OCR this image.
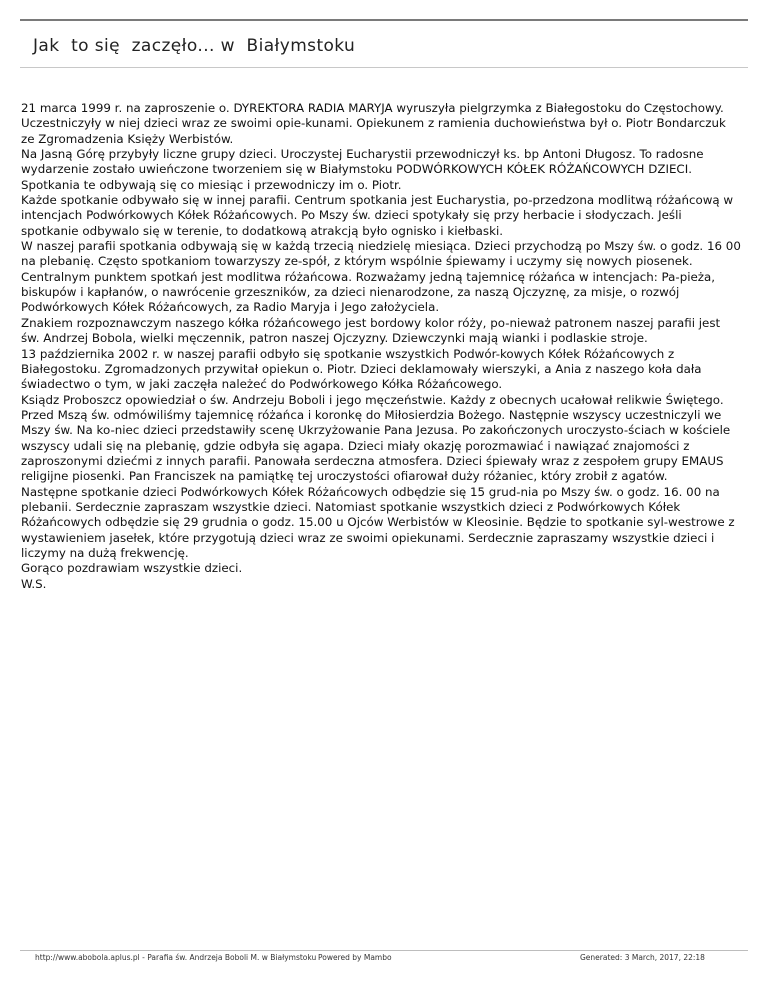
Jak  to się  zaczęło... w  Białymstoku

21 marca 1999 r. na zaproszenie o. DYREKTORA RADIA MARYJA wyruszyła pielgrzymka z Białegostoku do Częstochowy. Uczestniczyły w niej dzieci wraz ze swoimi opie-kunami. Opiekunem z ramienia duchowieństwa był o. Piotr Bondarczuk ze Zgromadzenia Księży Werbistów.

Na Jasną Górę przybyły liczne grupy dzieci. Uroczystej Eucharystii przewodniczył ks. bp Antoni Długosz. To radosne wydarzenie zostało uwieńczone tworzeniem się w Białymstoku PODWÓRKOWYCH KÓŁEK RÓŻAŃCOWYCH DZIECI. Spotkania te odbywają się co miesiąc i przewodniczy im o. Piotr.

Każde spotkanie odbywało się w innej parafii. Centrum spotkania jest Eucharystia, po-przedzona modlitwą różańcową w intencjach Podwórkowych Kółek Różańcowych. Po Mszy św. dzieci spotykały się przy herbacie i słodyczach. Jeśli spotkanie odbywalo się w terenie, to dodatkową atrakcją było ognisko i kiełbaski.

W naszej parafii spotkania odbywają się w każdą trzecią niedzielę miesiąca. Dzieci przychodzą po Mszy św. o godz. 16 00 na plebanię. Często spotkaniom towarzyszy ze-spół, z którym wspólnie śpiewamy i uczymy się nowych piosenek. Centralnym punktem spotkań jest modlitwa różańcowa. Rozważamy jedną tajemnicę różańca w intencjach: Pa-pieża, biskupów i kapłanów, o nawrócenie grzeszników, za dzieci nienarodzone, za naszą Ojczyznę, za misje, o rozwój Podwórkowych Kółek Różańcowych, za Radio Maryja i Jego założyciela.

Znakiem rozpoznawczym naszego kółka różańcowego jest bordowy kolor róży, po-nieważ patronem naszej parafii jest św. Andrzej Bobola, wielki męczennik, patron naszej Ojczyzny. Dziewczynki mają wianki i podlaskie stroje.

13 października 2002 r. w naszej parafii odbyło się spotkanie wszystkich Podwór-kowych Kółek Różańcowych z Białegostoku. Zgromadzonych przywitał opiekun o. Piotr. Dzieci deklamowały wierszyki, a Ania z naszego koła dała świadectwo o tym, w jaki zaczęła należeć do Podwórkowego Kółka Różańcowego.

Ksiądz Proboszcz opowiedział o św. Andrzeju Boboli i jego męczeństwie. Każdy z obecnych ucałował relikwie Świętego. Przed Mszą św. odmówiliśmy tajemnicę różańca i koronkę do Miłosierdzia Bożego. Następnie wszyscy uczestniczyli we Mszy św. Na ko-niec dzieci przedstawiły scenę Ukrzyżowanie Pana Jezusa. Po zakończonych uroczysto-ściach w kościele wszyscy udali się na plebanię, gdzie odbyła się agapa. Dzieci miały okazję porozmawiać i nawiązać znajomości z zaproszonymi dziećmi z innych parafii. Panowała serdeczna atmosfera. Dzieci śpiewały wraz z zespołem grupy EMAUS religijne piosenki. Pan Franciszek na pamiątkę tej uroczystości ofiarował duży różaniec, który zrobił z agatów.

Następne spotkanie dzieci Podwórkowych Kółek Różańcowych odbędzie się 15 grud-nia po Mszy św. o godz. 16. 00 na plebanii. Serdecznie zapraszam wszystkie dzieci. Natomiast spotkanie wszystkich dzieci z Podwórkowych Kółek Różańcowych odbędzie się 29 grudnia o godz. 15.00 u Ojców Werbistów w Kleosinie. Będzie to spotkanie syl-westrowe z wystawieniem jasełek, które przygotują dzieci wraz ze swoimi opiekunami. Serdecznie zapraszamy wszystkie dzieci i liczymy na dużą frekwencję.

Gorąco pozdrawiam wszystkie dzieci.

W.S.

http://www.abobola.aplus.pl - Parafia św. Andrzeja Boboli M. w Białymstoku Powered by Mambo	Generated: 3 March, 2017, 22:18
